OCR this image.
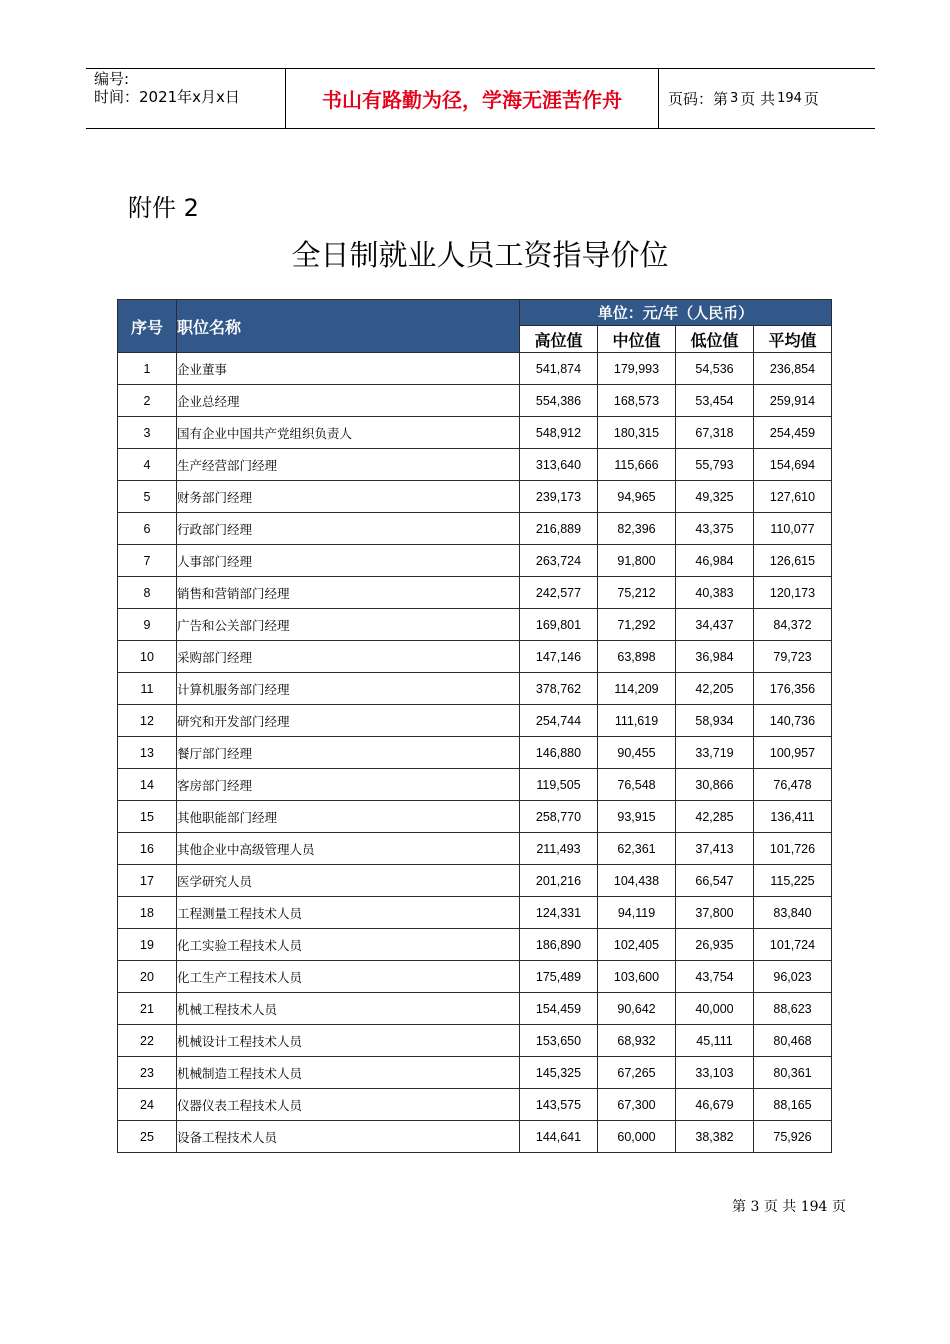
编号:
时间：2021年x月x日	书山有路勤为径，学海无涯苦作舟	页码：第 3 页 共 194 页
附件 2
全日制就业人员工资指导价位
序号	职位名称	单位：元/年（人民币）			
		高位值	中位值	低位值	平均值
1	企业董事	541,874	179,993	54,536	236,854
2	企业总经理	554,386	168,573	53,454	259,914
3	国有企业中国共产党组织负责人	548,912	180,315	67,318	254,459
4	生产经营部门经理	313,640	115,666	55,793	154,694
5	财务部门经理	239,173	94,965	49,325	127,610
6	行政部门经理	216,889	82,396	43,375	110,077
7	人事部门经理	263,724	91,800	46,984	126,615
8	销售和营销部门经理	242,577	75,212	40,383	120,173
9	广告和公关部门经理	169,801	71,292	34,437	84,372
10	采购部门经理	147,146	63,898	36,984	79,723
11	计算机服务部门经理	378,762	114,209	42,205	176,356
12	研究和开发部门经理	254,744	111,619	58,934	140,736
13	餐厅部门经理	146,880	90,455	33,719	100,957
14	客房部门经理	119,505	76,548	30,866	76,478
15	其他职能部门经理	258,770	93,915	42,285	136,411
16	其他企业中高级管理人员	211,493	62,361	37,413	101,726
17	医学研究人员	201,216	104,438	66,547	115,225
18	工程测量工程技术人员	124,331	94,119	37,800	83,840
19	化工实验工程技术人员	186,890	102,405	26,935	101,724
20	化工生产工程技术人员	175,489	103,600	43,754	96,023
21	机械工程技术人员	154,459	90,642	40,000	88,623
22	机械设计工程技术人员	153,650	68,932	45,111	80,468
23	机械制造工程技术人员	145,325	67,265	33,103	80,361
24	仪器仪表工程技术人员	143,575	67,300	46,679	88,165
25	设备工程技术人员	144,641	60,000	38,382	75,926
第 3 页 共 194 页
